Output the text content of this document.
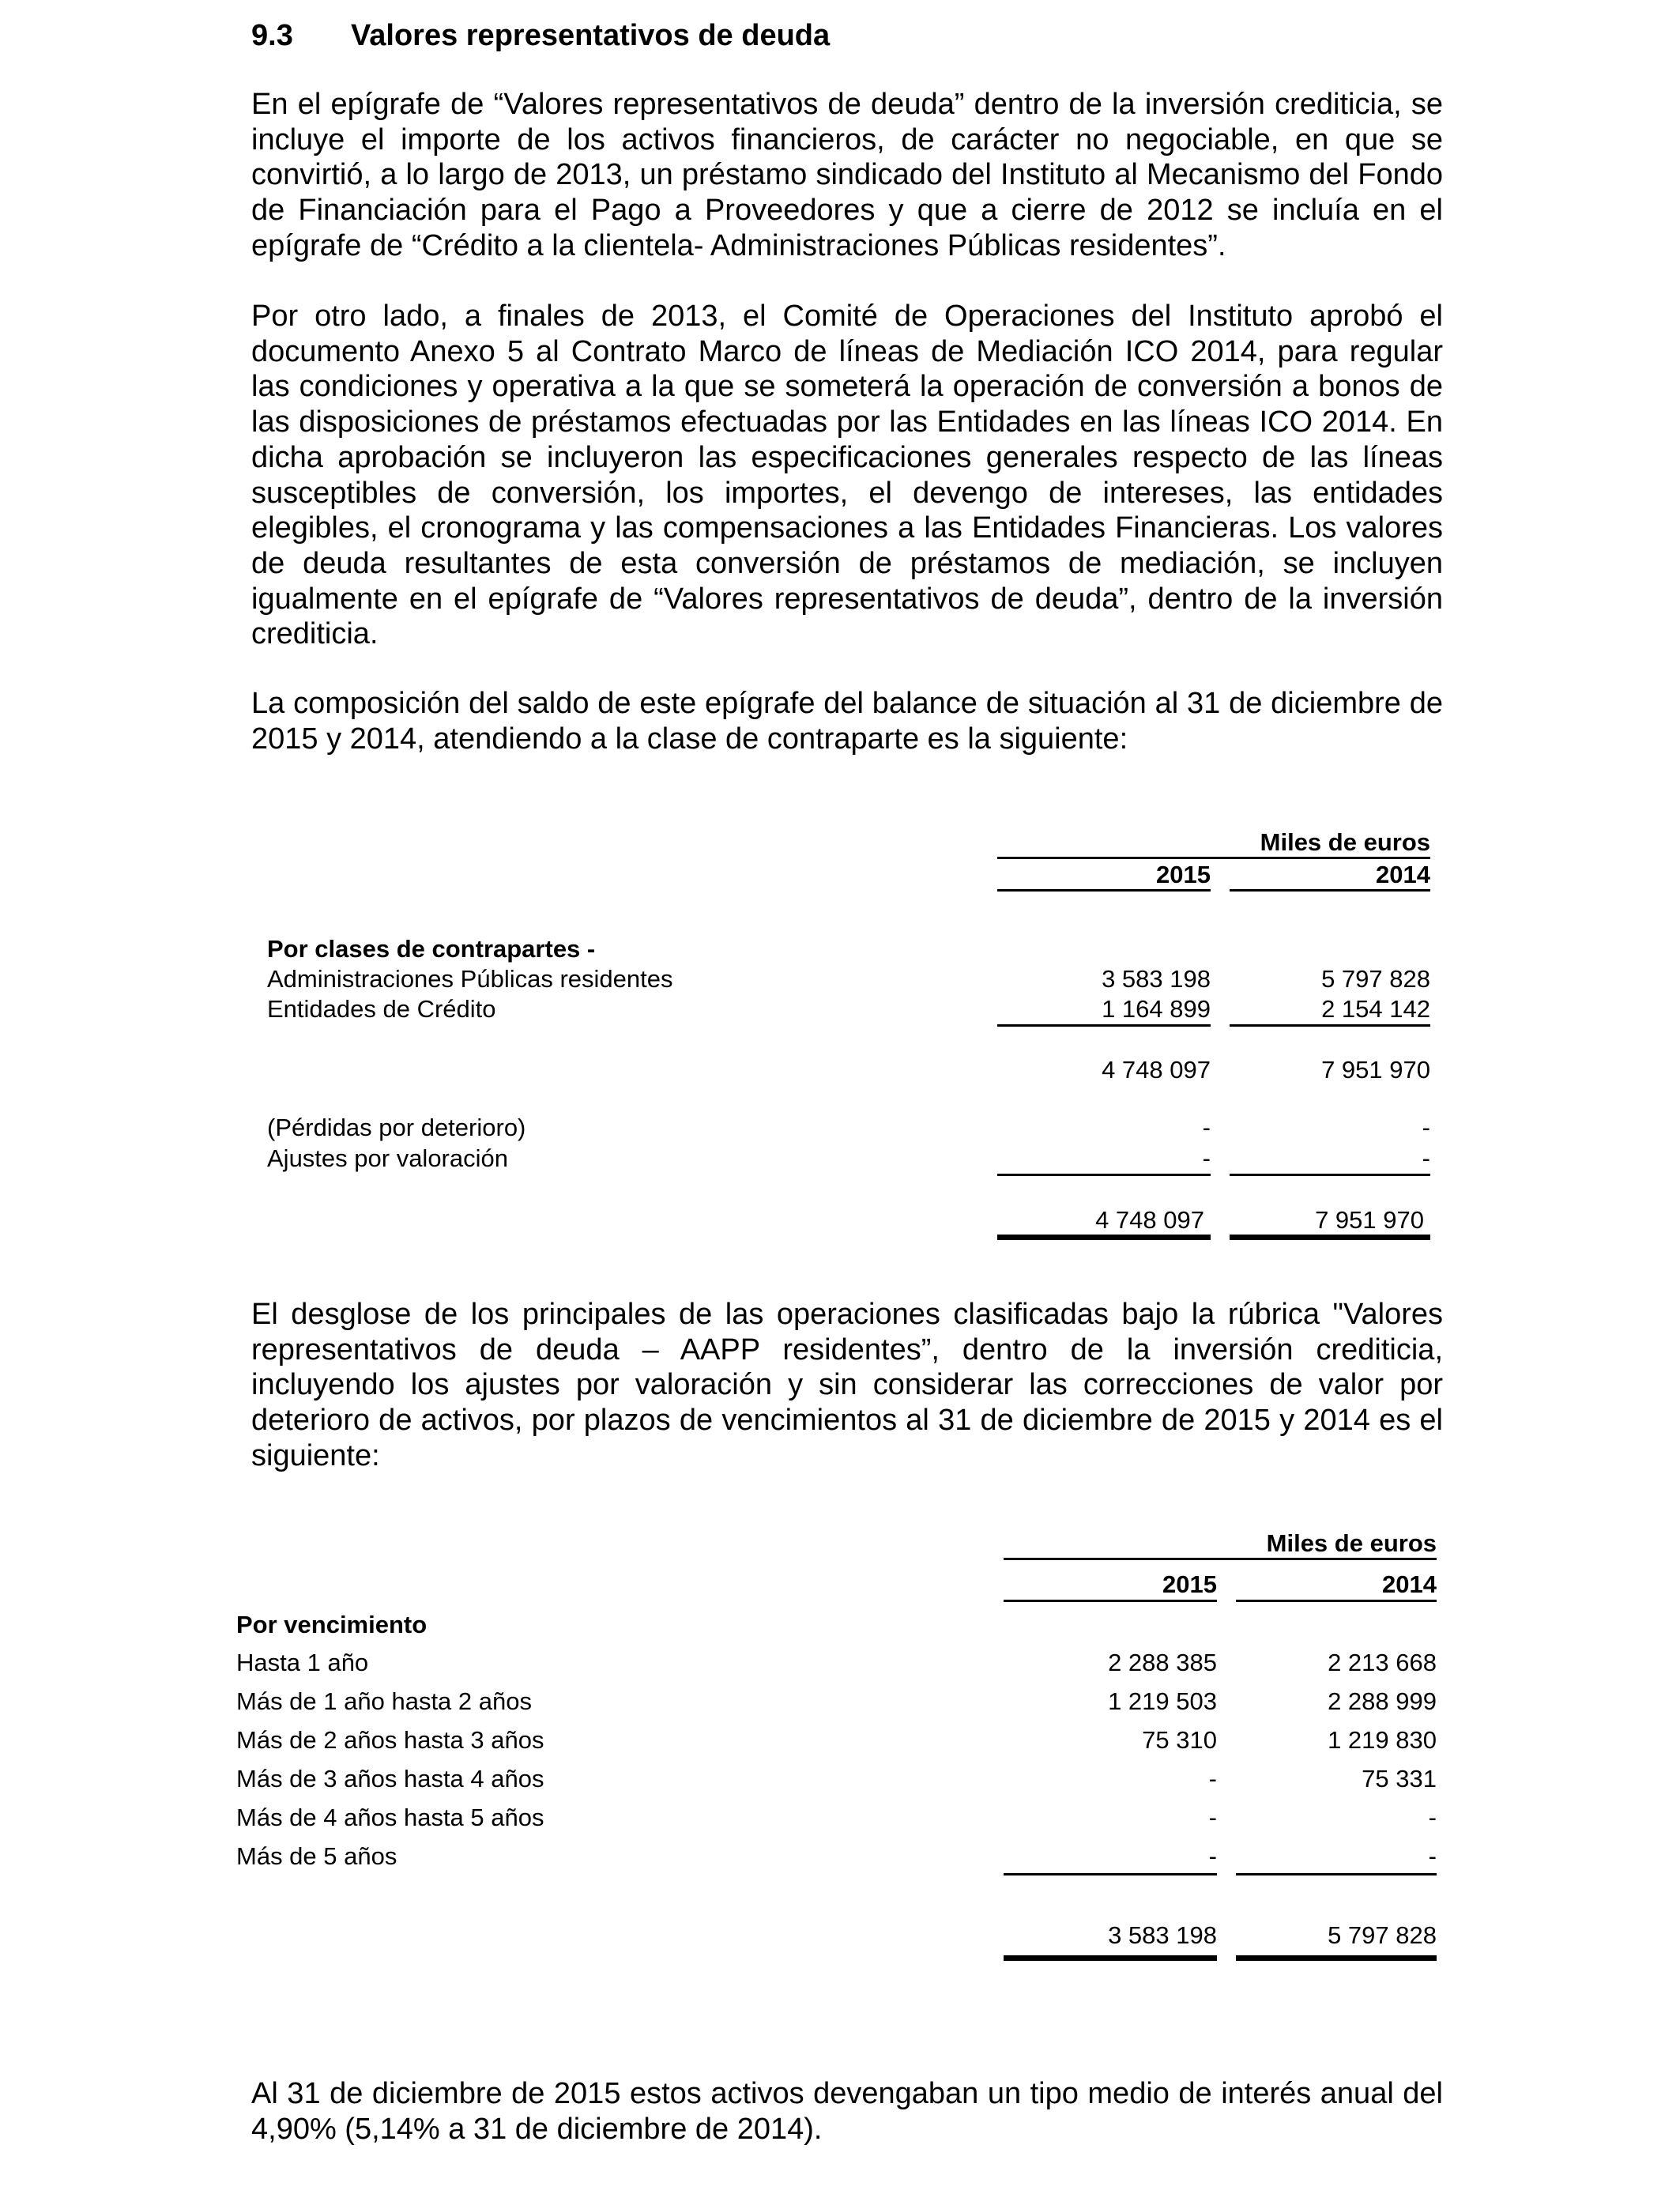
9.3 Valores representativos de deuda

En el epígrafe de “Valores representativos de deuda” dentro de la inversión crediticia, se incluye el importe de los activos financieros, de carácter no negociable, en que se convirtió, a lo largo de 2013, un préstamo sindicado del Instituto al Mecanismo del Fondo de Financiación para el Pago a Proveedores y que a cierre de 2012 se incluía en el epígrafe de “Crédito a la clientela- Administraciones Públicas residentes”.

Por otro lado, a finales de 2013, el Comité de Operaciones del Instituto aprobó el documento Anexo 5 al Contrato Marco de líneas de Mediación ICO 2014, para regular las condiciones y operativa a la que se someterá la operación de conversión a bonos de las disposiciones de préstamos efectuadas por las Entidades en las líneas ICO 2014. En dicha aprobación se incluyeron las especificaciones generales respecto de las líneas susceptibles de conversión, los importes, el devengo de intereses, las entidades elegibles, el cronograma y las compensaciones a las Entidades Financieras. Los valores de deuda resultantes de esta conversión de préstamos de mediación, se incluyen igualmente en el epígrafe de “Valores representativos de deuda”, dentro de la inversión crediticia.

La composición del saldo de este epígrafe del balance de situación al 31 de diciembre de 2015 y 2014, atendiendo a la clase de contraparte es la siguiente:

Miles de euros
2015	2014
Por clases de contrapartes -
Administraciones Públicas residentes	3 583 198	5 797 828
Entidades de Crédito	1 164 899	2 154 142
4 748 097	7 951 970
(Pérdidas por deterioro)	-	-
Ajustes por valoración	-	-
4 748 097	7 951 970

El desglose de los principales de las operaciones clasificadas bajo la rúbrica "Valores representativos de deuda – AAPP residentes”, dentro de la inversión crediticia, incluyendo los ajustes por valoración y sin considerar las correcciones de valor por deterioro de activos, por plazos de vencimientos al 31 de diciembre de 2015 y 2014 es el siguiente:

Miles de euros
2015	2014
Por vencimiento
Hasta 1 año	2 288 385	2 213 668
Más de 1 año hasta 2 años	1 219 503	2 288 999
Más de 2 años hasta 3 años	75 310	1 219 830
Más de 3 años hasta 4 años	-	75 331
Más de 4 años hasta 5 años	-	-
Más de 5 años	-	-
3 583 198	5 797 828

Al 31 de diciembre de 2015 estos activos devengaban un tipo medio de interés anual del 4,90% (5,14% a 31 de diciembre de 2014).
